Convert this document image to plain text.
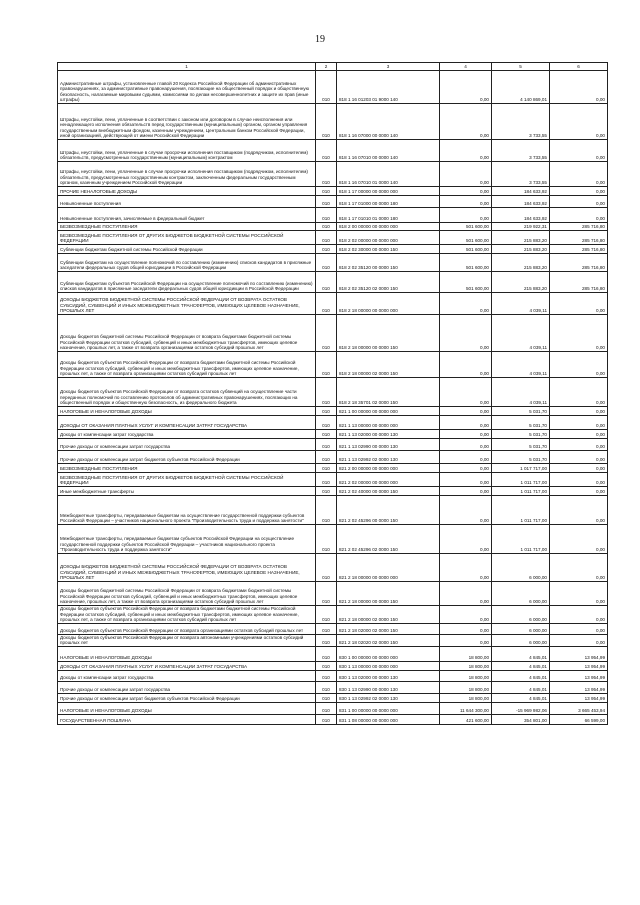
19
1	2	3	4	5	6
Административные штрафы, установленные главой 20 Кодекса Российской Федерации об административных правонарушениях, за административные правонарушения, посягающие на общественный порядок и общественную безопасность, налагаемые мировыми судьями, комиссиями по делам несовершеннолетних и защите их прав (иные штрафы)	010	818 1 16 01203 01 9000 140	0,00	4 140 869,01	0,00
Штрафы, неустойки, пени, уплаченные в соответствии с законом или договором в случае неисполнения или ненадлежащего исполнения обязательств перед государственным (муниципальным) органом, органом управления государственным внебюджетным фондом, казенным учреждением, Центральным банком Российской Федерации, иной организацией, действующей от имени Российской Федерации	010	818 1 16 07000 00 0000 140	0,00	3 733,55	0,00
Штрафы, неустойки, пени, уплаченные в случае просрочки исполнения поставщиком (подрядчиком, исполнителем) обязательств, предусмотренных государственным (муниципальным) контрактом	010	818 1 16 07010 00 0000 140	0,00	3 733,55	0,00
Штрафы, неустойки, пени, уплаченные в случае просрочки исполнения поставщиком (подрядчиком, исполнителем) обязательств, предусмотренных государственным контрактом, заключенным федеральным государственным органом, казенным учреждением Российской Федерации	010	818 1 16 07010 01 0000 140	0,00	3 733,55	0,00
ПРОЧИЕ НЕНАЛОГОВЫЕ ДОХОДЫ	010	818 1 17 00000 00 0000 000	0,00	184 633,92	0,00
Невыясненные поступления	010	818 1 17 01000 00 0000 180	0,00	184 633,92	0,00
Невыясненные поступления, зачисляемые в федеральный бюджет	010	818 1 17 01010 01 0000 180	0,00	184 633,92	0,00
БЕЗВОЗМЕЗДНЫЕ ПОСТУПЛЕНИЯ	010	818 2 00 00000 00 0000 000	501 600,00	219 922,31	285 716,80
БЕЗВОЗМЕЗДНЫЕ ПОСТУПЛЕНИЯ ОТ ДРУГИХ БЮДЖЕТОВ БЮДЖЕТНОЙ СИСТЕМЫ РОССИЙСКОЙ ФЕДЕРАЦИИ	010	818 2 02 00000 00 0000 000	501 600,00	215 883,20	285 716,80
Субвенции бюджетам бюджетной системы Российской Федерации	010	818 2 02 30000 00 0000 150	501 600,00	215 883,20	285 716,80
Субвенции бюджетам на осуществление полномочий по составлению (изменению) списков кандидатов в присяжные заседатели федеральных судов общей юрисдикции в Российской Федерации	010	818 2 02 35120 00 0000 150	501 600,00	215 883,20	285 716,80
Субвенции бюджетам субъектов Российской Федерации на осуществление полномочий по составлению (изменению) списков кандидатов в присяжные заседатели федеральных судов общей юрисдикции в Российской Федерации	010	818 2 02 35120 02 0000 150	501 600,00	215 883,20	285 716,80
ДОХОДЫ БЮДЖЕТОВ БЮДЖЕТНОЙ СИСТЕМЫ РОССИЙСКОЙ ФЕДЕРАЦИИ ОТ ВОЗВРАТА ОСТАТКОВ СУБСИДИЙ, СУБВЕНЦИЙ И ИНЫХ МЕЖБЮДЖЕТНЫХ ТРАНСФЕРТОВ, ИМЕЮЩИХ ЦЕЛЕВОЕ НАЗНАЧЕНИЕ, ПРОШЛЫХ ЛЕТ	010	818 2 18 00000 00 0000 000	0,00	4 039,11	0,00
Доходы бюджетов бюджетной системы Российской Федерации от возврата бюджетами бюджетной системы Российской Федерации остатков субсидий, субвенций и иных межбюджетных трансфертов, имеющих целевое назначение, прошлых лет, а также от возврата организациями остатков субсидий прошлых лет	010	818 2 18 00000 00 0000 150	0,00	4 039,11	0,00
Доходы бюджетов субъектов Российской Федерации от возврата бюджетами бюджетной системы Российской Федерации остатков субсидий, субвенций и иных межбюджетных трансфертов, имеющих целевое назначение, прошлых лет, а также от возврата организациями остатков субсидий прошлых лет	010	818 2 18 00000 02 0000 150	0,00	4 039,11	0,00
Доходы бюджетов субъектов Российской Федерации от возврата остатков субвенций на осуществление части переданных полномочий по составлению протоколов об административных правонарушениях, посягающих на общественный порядок и общественную безопасность, из федерального бюджета	010	818 2 18 35701 02 0000 150	0,00	4 039,11	0,00
НАЛОГОВЫЕ И НЕНАЛОГОВЫЕ ДОХОДЫ	010	821 1 00 00000 00 0000 000	0,00	5 031,70	0,00
ДОХОДЫ ОТ ОКАЗАНИЯ ПЛАТНЫХ УСЛУГ И КОМПЕНСАЦИИ ЗАТРАТ ГОСУДАРСТВА	010	821 1 13 00000 00 0000 000	0,00	5 031,70	0,00
Доходы от компенсации затрат государства	010	821 1 13 02000 00 0000 130	0,00	5 031,70	0,00
Прочие доходы от компенсации затрат государства	010	821 1 13 02990 00 0000 130	0,00	5 031,70	0,00
Прочие доходы от компенсации затрат бюджетов субъектов Российской Федерации	010	821 1 13 02992 02 0000 130	0,00	5 031,70	0,00
БЕЗВОЗМЕЗДНЫЕ ПОСТУПЛЕНИЯ	010	821 2 00 00000 00 0000 000	0,00	1 017 717,00	0,00
БЕЗВОЗМЕЗДНЫЕ ПОСТУПЛЕНИЯ ОТ ДРУГИХ БЮДЖЕТОВ БЮДЖЕТНОЙ СИСТЕМЫ РОССИЙСКОЙ ФЕДЕРАЦИИ	010	821 2 02 00000 00 0000 000	0,00	1 011 717,00	0,00
Иные межбюджетные трансферты	010	821 2 02 40000 00 0000 150	0,00	1 011 717,00	0,00
Межбюджетные трансферты, передаваемые бюджетам на осуществление государственной поддержки субъектов Российской Федерации – участников национального проекта "Производительность труда и поддержка занятости"	010	821 2 02 45296 00 0000 150	0,00	1 011 717,00	0,00
Межбюджетные трансферты, передаваемые бюджетам субъектов Российской Федерации на осуществление государственной поддержки субъектов Российской Федерации – участников национального проекта "Производительность труда и поддержка занятости"	010	821 2 02 45296 02 0000 150	0,00	1 011 717,00	0,00
ДОХОДЫ БЮДЖЕТОВ БЮДЖЕТНОЙ СИСТЕМЫ РОССИЙСКОЙ ФЕДЕРАЦИИ ОТ ВОЗВРАТА ОСТАТКОВ СУБСИДИЙ, СУБВЕНЦИЙ И ИНЫХ МЕЖБЮДЖЕТНЫХ ТРАНСФЕРТОВ, ИМЕЮЩИХ ЦЕЛЕВОЕ НАЗНАЧЕНИЕ, ПРОШЛЫХ ЛЕТ	010	821 2 18 00000 00 0000 000	0,00	6 000,00	0,00
Доходы бюджетов бюджетной системы Российской Федерации от возврата бюджетами бюджетной системы Российской Федерации остатков субсидий, субвенций и иных межбюджетных трансфертов, имеющих целевое назначение, прошлых лет, а также от возврата организациями остатков субсидий прошлых лет	010	821 2 18 00000 00 0000 150	0,00	6 000,00	0,00
Доходы бюджетов субъектов Российской Федерации от возврата бюджетами бюджетной системы Российской Федерации остатков субсидий, субвенций и иных межбюджетных трансфертов, имеющих целевое назначение, прошлых лет, а также от возврата организациями остатков субсидий прошлых лет	010	821 2 18 00000 02 0000 150	0,00	6 000,00	0,00
Доходы бюджетов субъектов Российской Федерации от возврата организациями остатков субсидий прошлых лет	010	821 2 18 02000 02 0000 150	0,00	6 000,00	0,00
Доходы бюджетов субъектов Российской Федерации от возврата автономными учреждениями остатков субсидий прошлых лет	010	821 2 18 02020 02 0000 150	0,00	6 000,00	0,00
НАЛОГОВЫЕ И НЕНАЛОГОВЫЕ ДОХОДЫ	010	830 1 00 00000 00 0000 000	18 800,00	4 845,01	13 954,99
ДОХОДЫ ОТ ОКАЗАНИЯ ПЛАТНЫХ УСЛУГ И КОМПЕНСАЦИИ ЗАТРАТ ГОСУДАРСТВА	010	830 1 13 00000 00 0000 000	18 800,00	4 845,01	13 954,99
Доходы от компенсации затрат государства	010	830 1 13 02000 00 0000 130	18 800,00	4 845,01	13 954,99
Прочие доходы от компенсации затрат государства	010	830 1 13 02990 00 0000 130	18 800,00	4 845,01	13 954,99
Прочие доходы от компенсации затрат бюджетов субъектов Российской Федерации	010	830 1 13 02992 02 0000 130	18 800,00	4 845,01	13 954,99
НАЛОГОВЫЕ И НЕНАЛОГОВЫЕ ДОХОДЫ	010	831 1 00 00000 00 0000 000	11 644 300,00	-15 969 982,06	3 665 453,94
ГОСУДАРСТВЕННАЯ ПОШЛИНА	010	831 1 08 00000 00 0000 000	421 600,00	354 801,00	66 599,00
